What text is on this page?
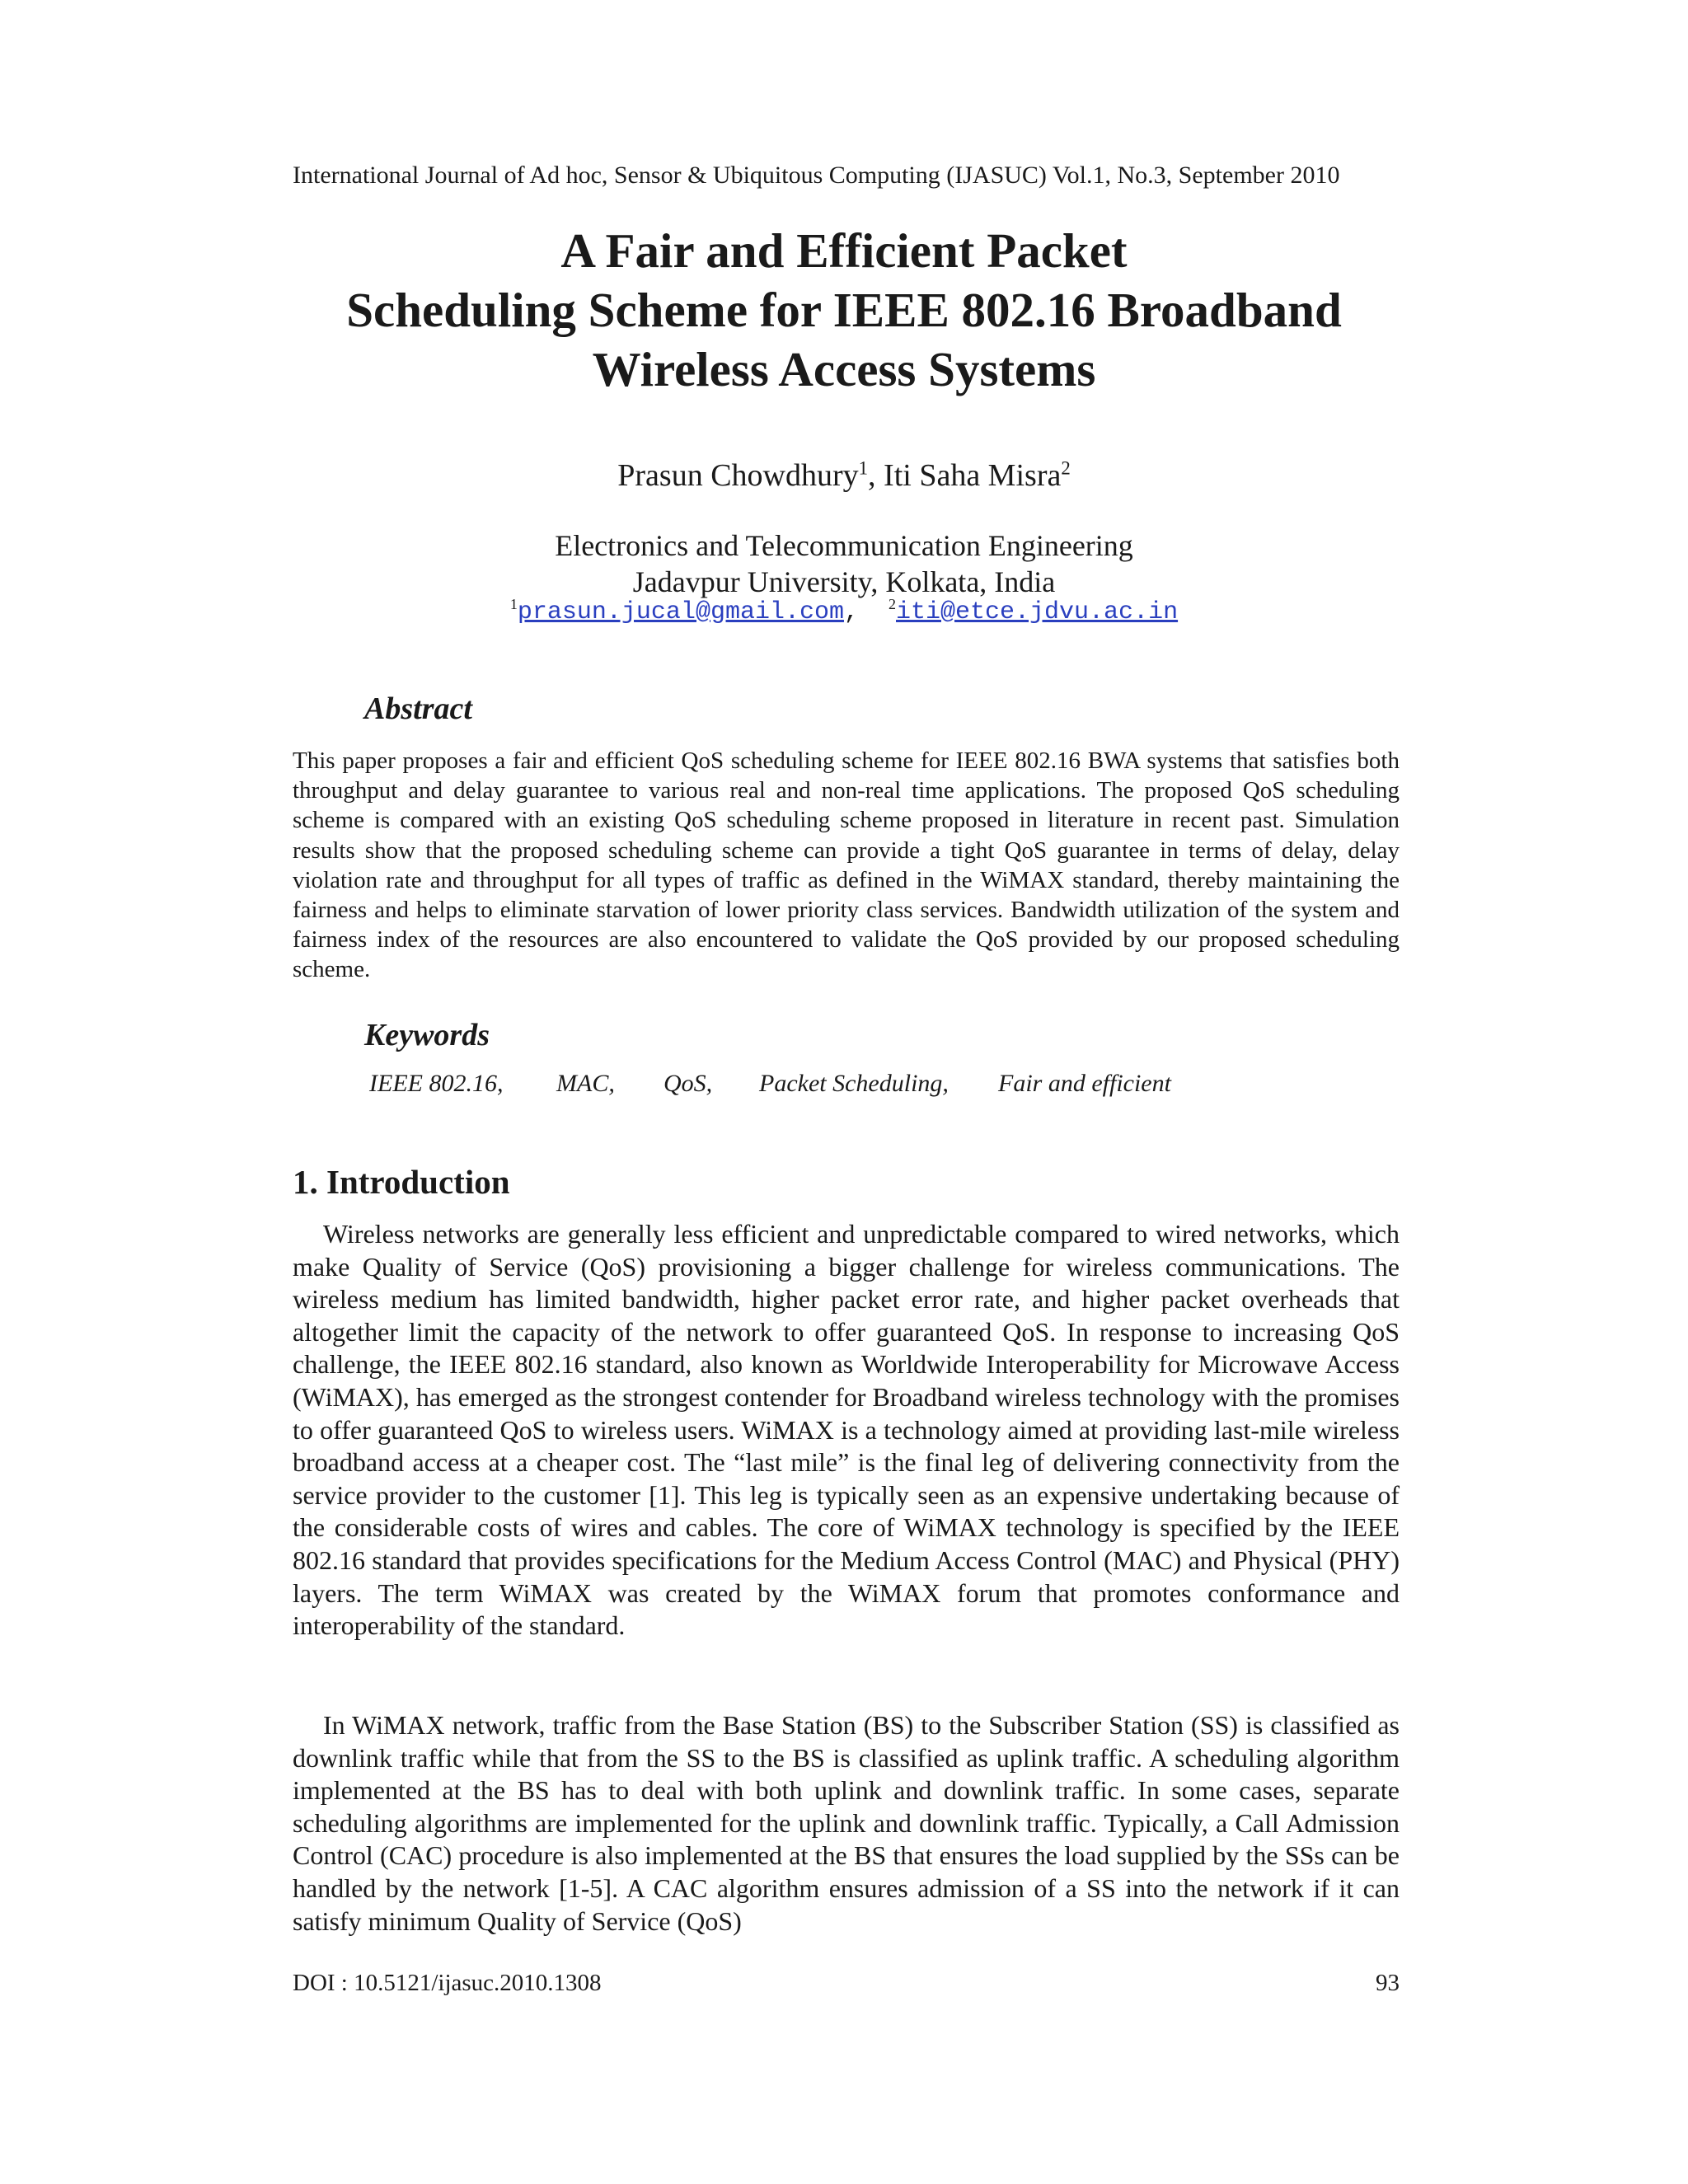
International Journal of Ad hoc, Sensor & Ubiquitous Computing (IJASUC) Vol.1, No.3, September 2010
A Fair and Efficient Packet
Scheduling Scheme for IEEE 802.16 Broadband
Wireless Access Systems
Prasun Chowdhury$^1$, Iti Saha Misra$^2$
Electronics and Telecommunication Engineering
Jadavpur University, Kolkata, India
$^1$prasun.jucal@gmail.com, $^2$iti@etce.jdvu.ac.in
Abstract
This paper proposes a fair and efficient QoS scheduling scheme for IEEE 802.16 BWA systems that satisfies both throughput and delay guarantee to various real and non-real time applications. The proposed QoS scheduling scheme is compared with an existing QoS scheduling scheme proposed in literature in recent past. Simulation results show that the proposed scheduling scheme can provide a tight QoS guarantee in terms of delay, delay violation rate and throughput for all types of traffic as defined in the WiMAX standard, thereby maintaining the fairness and helps to eliminate starvation of lower priority class services. Bandwidth utilization of the system and fairness index of the resources are also encountered to validate the QoS provided by our proposed scheduling scheme.
Keywords
IEEE 802.16, MAC, QoS, Packet Scheduling, Fair and efficient
1. Introduction
Wireless networks are generally less efficient and unpredictable compared to wired networks, which make Quality of Service (QoS) provisioning a bigger challenge for wireless communications. The wireless medium has limited bandwidth, higher packet error rate, and higher packet overheads that altogether limit the capacity of the network to offer guaranteed QoS. In response to increasing QoS challenge, the IEEE 802.16 standard, also known as Worldwide Interoperability for Microwave Access (WiMAX), has emerged as the strongest contender for Broadband wireless technology with the promises to offer guaranteed QoS to wireless users. WiMAX is a technology aimed at providing last-mile wireless broadband access at a cheaper cost. The “last mile” is the final leg of delivering connectivity from the service provider to the customer [1]. This leg is typically seen as an expensive undertaking because of the considerable costs of wires and cables. The core of WiMAX technology is specified by the IEEE 802.16 standard that provides specifications for the Medium Access Control (MAC) and Physical (PHY) layers. The term WiMAX was created by the WiMAX forum that promotes conformance and interoperability of the standard.
In WiMAX network, traffic from the Base Station (BS) to the Subscriber Station (SS) is classified as downlink traffic while that from the SS to the BS is classified as uplink traffic. A scheduling algorithm implemented at the BS has to deal with both uplink and downlink traffic. In some cases, separate scheduling algorithms are implemented for the uplink and downlink traffic. Typically, a Call Admission Control (CAC) procedure is also implemented at the BS that ensures the load supplied by the SSs can be handled by the network [1-5]. A CAC algorithm ensures admission of a SS into the network if it can satisfy minimum Quality of Service (QoS)
DOI : 10.5121/ijasuc.2010.1308	93
